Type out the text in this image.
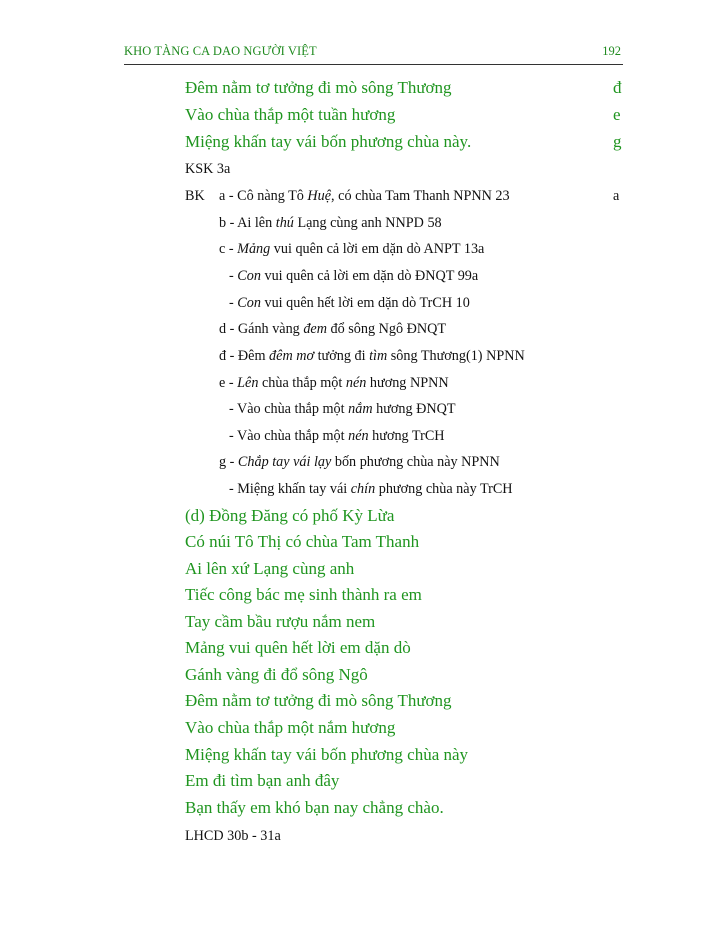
KHO TÀNG CA DAO NGƯỜI VIỆT	192
Đêm nằm tơ tưởng đi mò sông Thương
Vào chùa thắp một tuần hương
Miệng khấn tay vái bốn phương chùa này.
đ
e
g
KSK 3a
BK	a
a - Cô nàng Tô Huệ, có chùa Tam Thanh NPNN 23
b - Ai lên thú Lạng cùng anh NNPD 58
c - Mảng vui quên cả lời em dặn dò ANPT 13a
- Con vui quên cả lời em dặn dò ĐNQT 99a
- Con vui quên hết lời em dặn dò TrCH 10
d - Gánh vàng đem đổ sông Ngô ĐNQT
đ - Đêm đêm mơ tưởng đi tìm sông Thương(1) NPNN
e - Lên chùa thắp một nén hương NPNN
- Vào chùa thắp một nắm hương ĐNQT
- Vào chùa thắp một nén hương TrCH
g - Chắp tay vái lạy bốn phương chùa này NPNN
- Miệng khấn tay vái chín phương chùa này TrCH
(d) Đồng Đăng có phố Kỳ Lừa
Có núi Tô Thị có chùa Tam Thanh
Ai lên xứ Lạng cùng anh
Tiếc công bác mẹ sinh thành ra em
Tay cầm bầu rượu nắm nem
Mảng vui quên hết lời em dặn dò
Gánh vàng đi đổ sông Ngô
Đêm nằm tơ tưởng đi mò sông Thương
Vào chùa thắp một nắm hương
Miệng khấn tay vái bốn phương chùa này
Em đi tìm bạn anh đây
Bạn thấy em khó bạn nay chẳng chào.
LHCD 30b - 31a
